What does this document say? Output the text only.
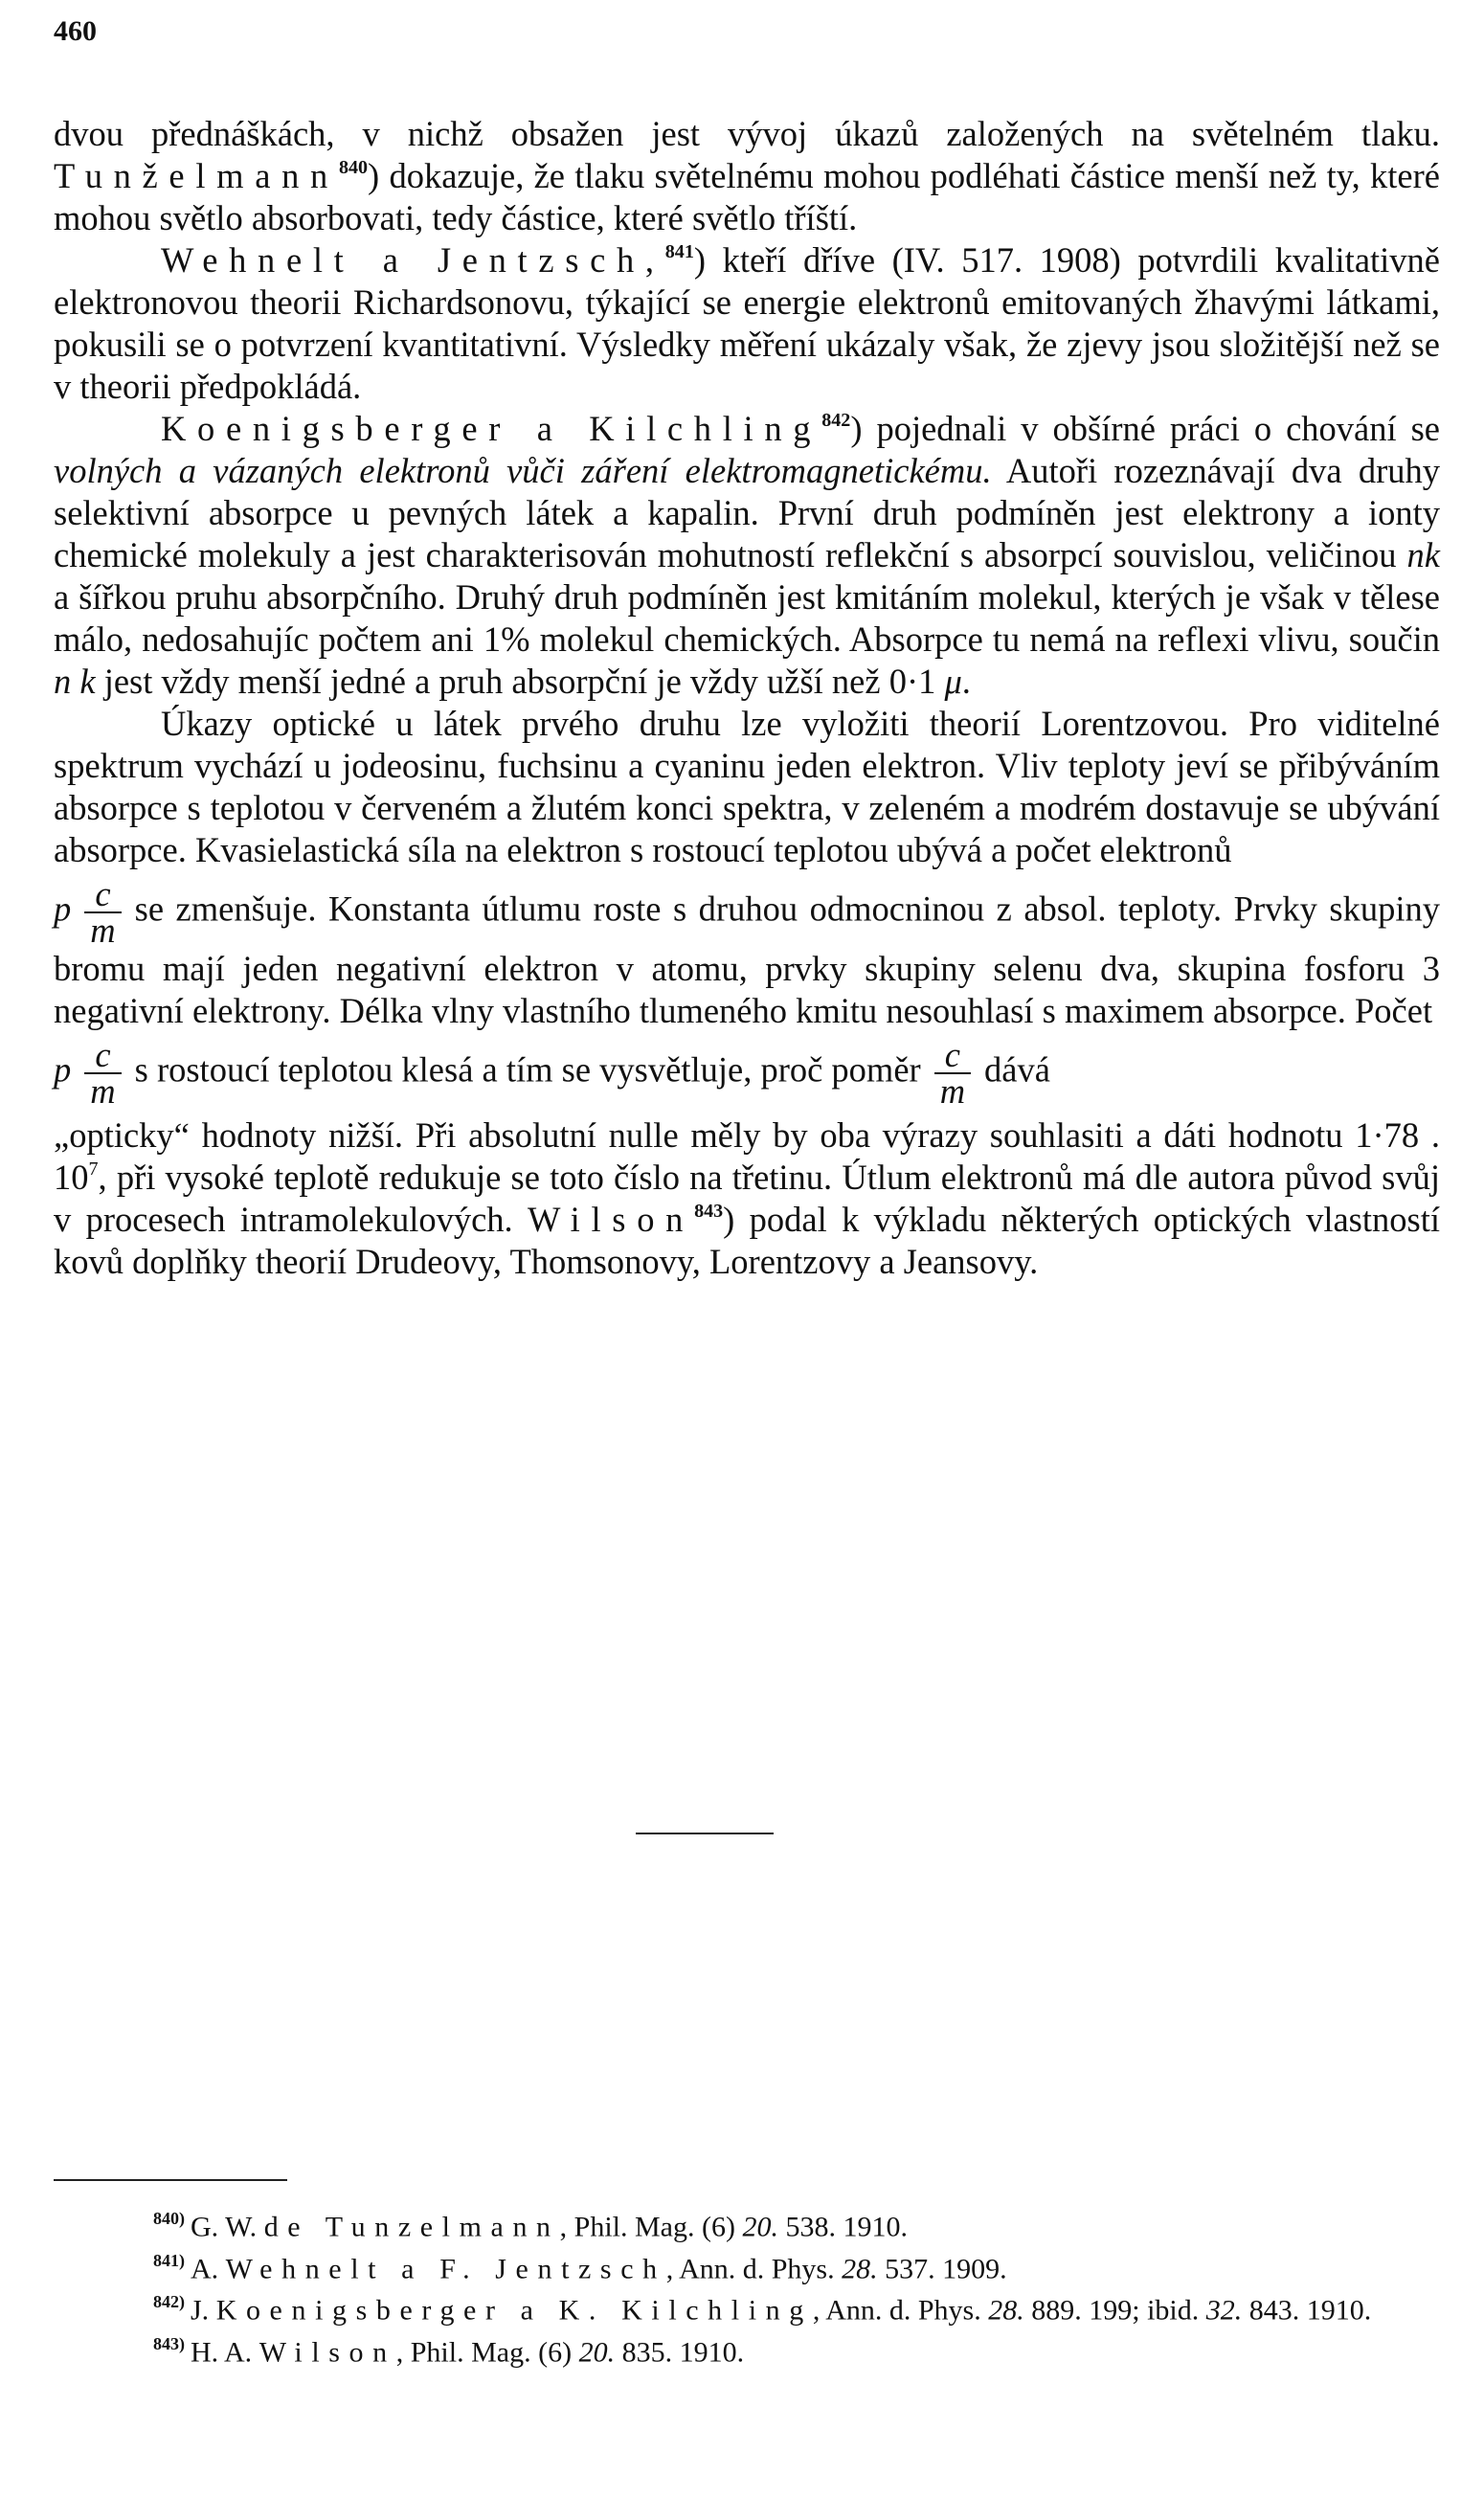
460

dvou přednáškách, v nichž obsažen jest vývoj úkazů založených na světelném tlaku. Tunželmann$^{840}$) dokazuje, že tlaku světelnému mohou podléhati částice menší než ty, které mohou světlo absorbovati, tedy částice, které světlo tříští.

Wehnelt a Jentzsch,$^{841}$) kteří dříve (IV. 517. 1908) potvrdili kvalitativně elektronovou theorii Richardsonovu, týkající se energie elektronů emitovaných žhavými látkami, pokusili se o potvrzení kvantitativní. Výsledky měření ukázaly však, že zjevy jsou složitější než se v theorii předpokládá.

Koenigsberger a Kilchling$^{842}$) pojednali v obšírné práci o chování se volných a vázaných elektronů vůči záření elektromagnetickému. Autoři rozeznávají dva druhy selektivní absorpce u pevných látek a kapalin. První druh podmíněn jest elektrony a ionty chemické molekuly a jest charakterisován mohutností reflekční s absorpcí souvislou, veličinou nk a šířkou pruhu absorpčního. Druhý druh podmíněn jest kmitáním molekul, kterých je však v tělese málo, nedosahujíc počtem ani 1% molekul chemických. Absorpce tu nemá na reflexi vlivu, součin n k jest vždy menší jedné a pruh absorpční je vždy užší než 0·1 μ.

Úkazy optické u látek prvého druhu lze vyložiti theorií Lorentzovou. Pro viditelné spektrum vychází u jodeosinu, fuchsinu a cyaninu jeden elektron. Vliv teploty jeví se přibýváním absorpce s teplotou v červeném a žlutém konci spektra, v zeleném a modrém dostavuje se ubývání absorpce. Kvasielastická síla na elektron s rostoucí teplotou ubývá a počet elektronů

p $\frac{c}{m}$ se zmenšuje. Konstanta útlumu roste s druhou odmocninou z absol. teploty. Prvky skupiny bromu mají jeden negativní elektron v atomu, prvky skupiny selenu dva, skupina fosforu 3 negativní elektrony. Délka vlny vlastního tlumeného kmitu nesouhlasí s maximem absorpce. Počet

p $\frac{c}{m}$ s rostoucí teplotou klesá a tím se vysvětluje, proč poměr $\frac{c}{m}$ dává

„opticky“ hodnoty nižší. Při absolutní nulle měly by oba výrazy souhlasiti a dáti hodnotu 1·78 . $10^7$, při vysoké teplotě redukuje se toto číslo na třetinu. Útlum elektronů má dle autora původ svůj v procesech intramolekulových. Wilson$^{843}$) podal k výkladu některých optických vlastností kovů doplňky theorií Drudeovy, Thomsonovy, Lorentzovy a Jeansovy.

$^{840)}$ G. W. de Tunzelmann, Phil. Mag. (6) 20. 538. 1910.

$^{841)}$ A. Wehnelt a F. Jentzsch, Ann. d. Phys. 28. 537. 1909.

$^{842)}$ J. Koenigsberger a K. Kilchling, Ann. d. Phys. 28. 889. 199; ibid. 32. 843. 1910.

$^{843)}$ H. A. Wilson, Phil. Mag. (6) 20. 835. 1910.
